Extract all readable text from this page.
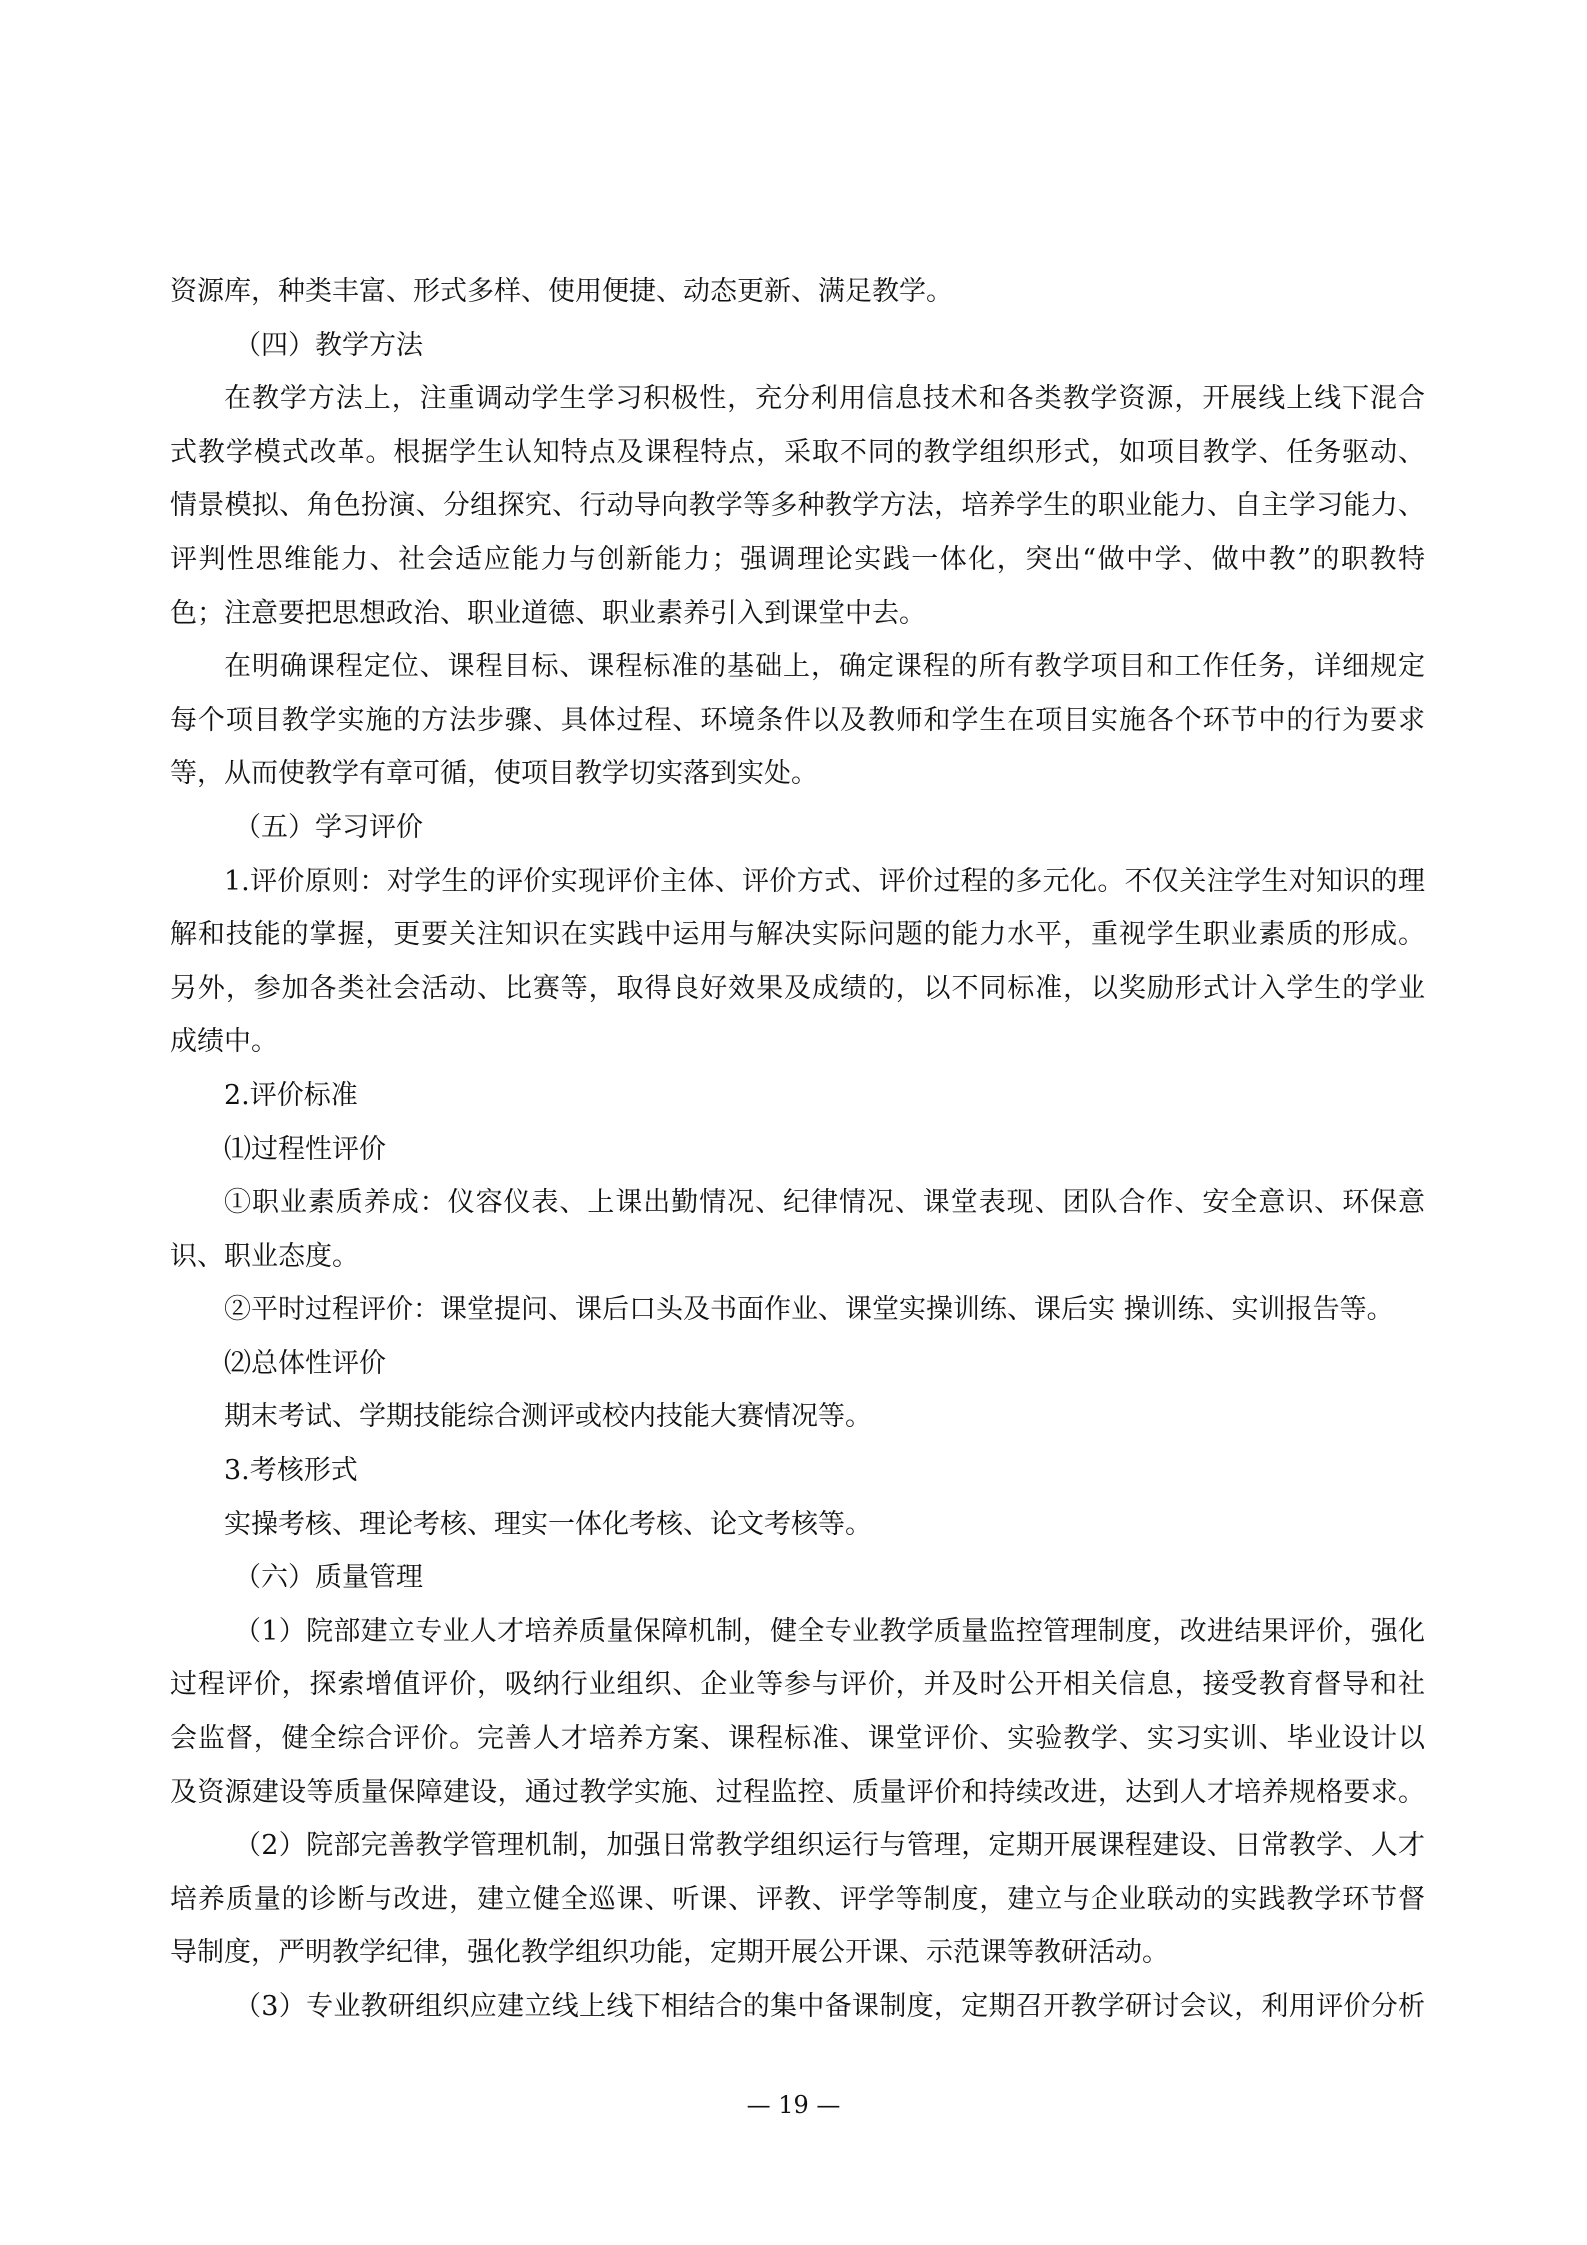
资源库，种类丰富、形式多样、使用便捷、动态更新、满足教学。

（四）教学方法

在教学方法上，注重调动学生学习积极性，充分利用信息技术和各类教学资源，开展线上线下混合

式教学模式改革。根据学生认知特点及课程特点，采取不同的教学组织形式，如项目教学、任务驱动、

情景模拟、角色扮演、分组探究、行动导向教学等多种教学方法，培养学生的职业能力、自主学习能力、

评判性思维能力、社会适应能力与创新能力；强调理论实践一体化，突出“做中学、做中教”的职教特

色；注意要把思想政治、职业道德、职业素养引入到课堂中去。

在明确课程定位、课程目标、课程标准的基础上，确定课程的所有教学项目和工作任务，详细规定

每个项目教学实施的方法步骤、具体过程、环境条件以及教师和学生在项目实施各个环节中的行为要求

等，从而使教学有章可循，使项目教学切实落到实处。

（五）学习评价

1.评价原则：对学生的评价实现评价主体、评价方式、评价过程的多元化。不仅关注学生对知识的理

解和技能的掌握，更要关注知识在实践中运用与解决实际问题的能力水平，重视学生职业素质的形成。

另外，参加各类社会活动、比赛等，取得良好效果及成绩的，以不同标准，以奖励形式计入学生的学业

成绩中。

2.评价标准

⑴过程性评价

①职业素质养成：仪容仪表、上课出勤情况、纪律情况、课堂表现、团队合作、安全意识、环保意

识、职业态度。

②平时过程评价：课堂提问、课后口头及书面作业、课堂实操训练、课后实 操训练、实训报告等。

⑵总体性评价

期末考试、学期技能综合测评或校内技能大赛情况等。

3.考核形式

实操考核、理论考核、理实一体化考核、论文考核等。

（六）质量管理

（1）院部建立专业人才培养质量保障机制，健全专业教学质量监控管理制度，改进结果评价，强化

过程评价，探索增值评价，吸纳行业组织、企业等参与评价，并及时公开相关信息，接受教育督导和社

会监督，健全综合评价。完善人才培养方案、课程标准、课堂评价、实验教学、实习实训、毕业设计以

及资源建设等质量保障建设，通过教学实施、过程监控、质量评价和持续改进，达到人才培养规格要求。

（2）院部完善教学管理机制，加强日常教学组织运行与管理，定期开展课程建设、日常教学、人才

培养质量的诊断与改进，建立健全巡课、听课、评教、评学等制度，建立与企业联动的实践教学环节督

导制度，严明教学纪律，强化教学组织功能，定期开展公开课、示范课等教研活动。

（3）专业教研组织应建立线上线下相结合的集中备课制度，定期召开教学研讨会议，利用评价分析

— 19 —
